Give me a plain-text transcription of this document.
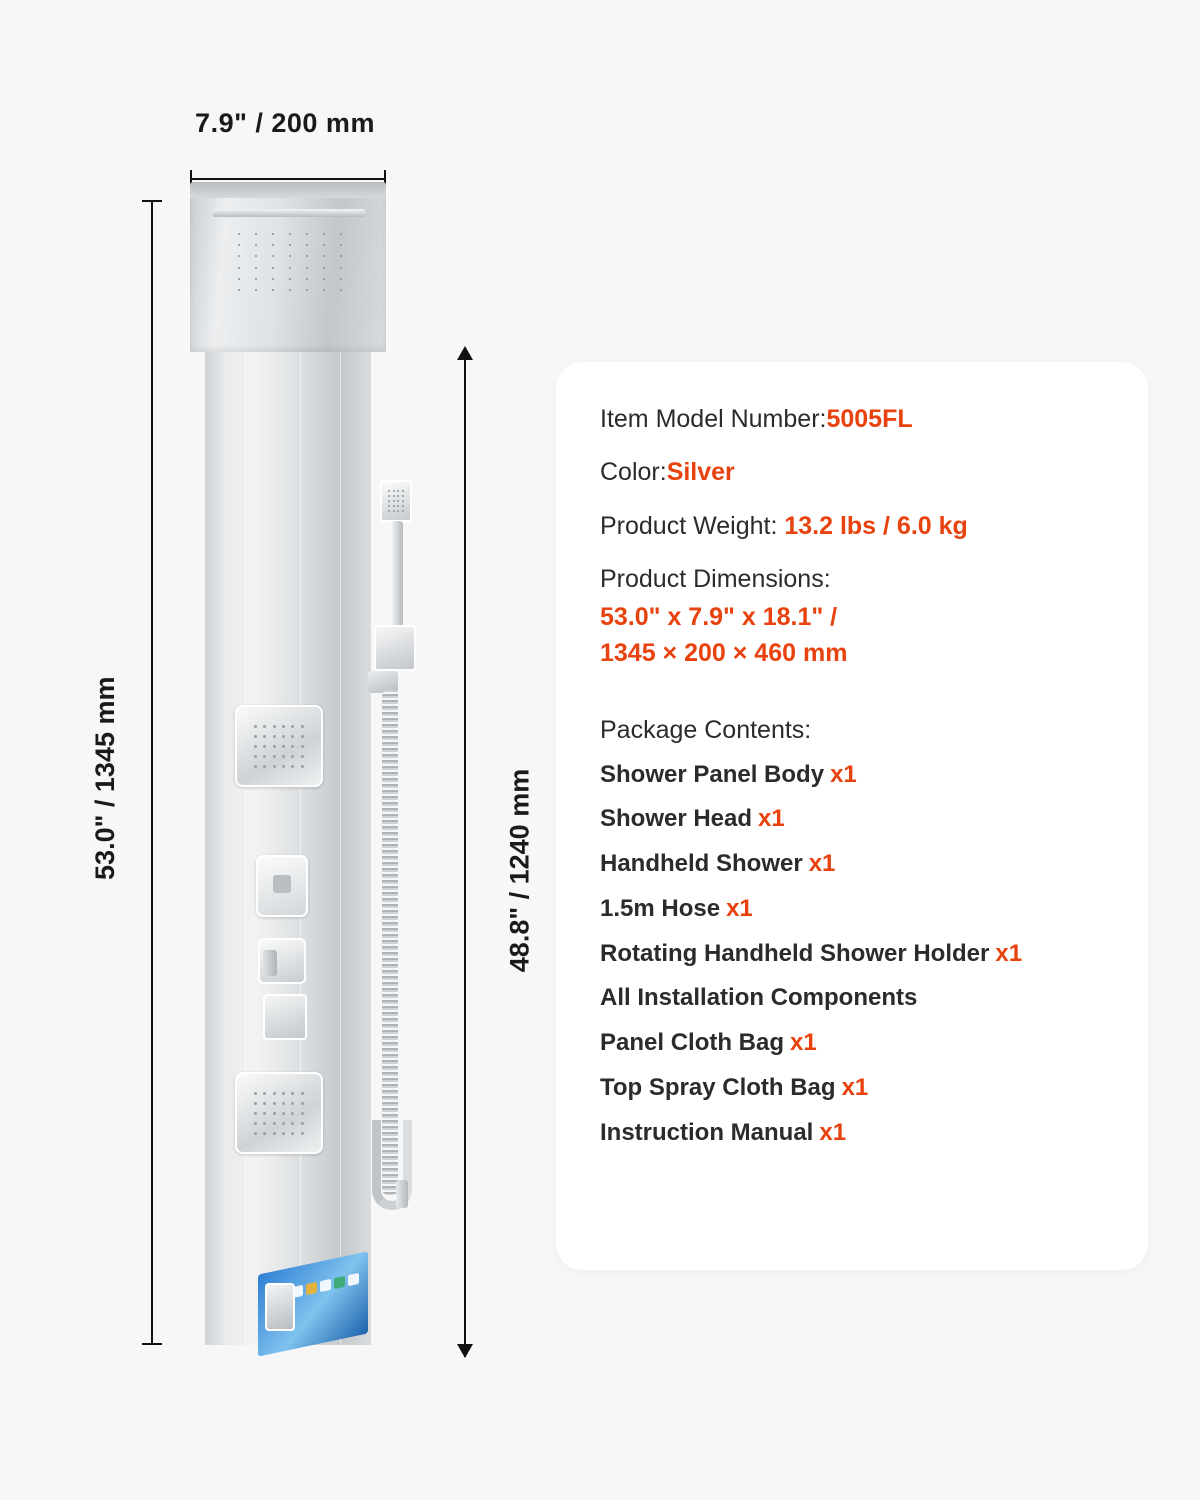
7.9" / 200 mm
53.0" / 1345 mm	48.8" / 1240 mm
Item Model Number:5005FL
Color:Silver
Product Weight: 13.2 lbs / 6.0 kg
Product Dimensions:
53.0" x 7.9" x 18.1" /
1345 × 200 × 460 mm
Package Contents:
Shower Panel Body x1
Shower Head x1
Handheld Shower x1
1.5m Hose x1
Rotating Handheld Shower Holder x1
All Installation Components
Panel Cloth Bag x1
Top Spray Cloth Bag x1
Instruction Manual x1
